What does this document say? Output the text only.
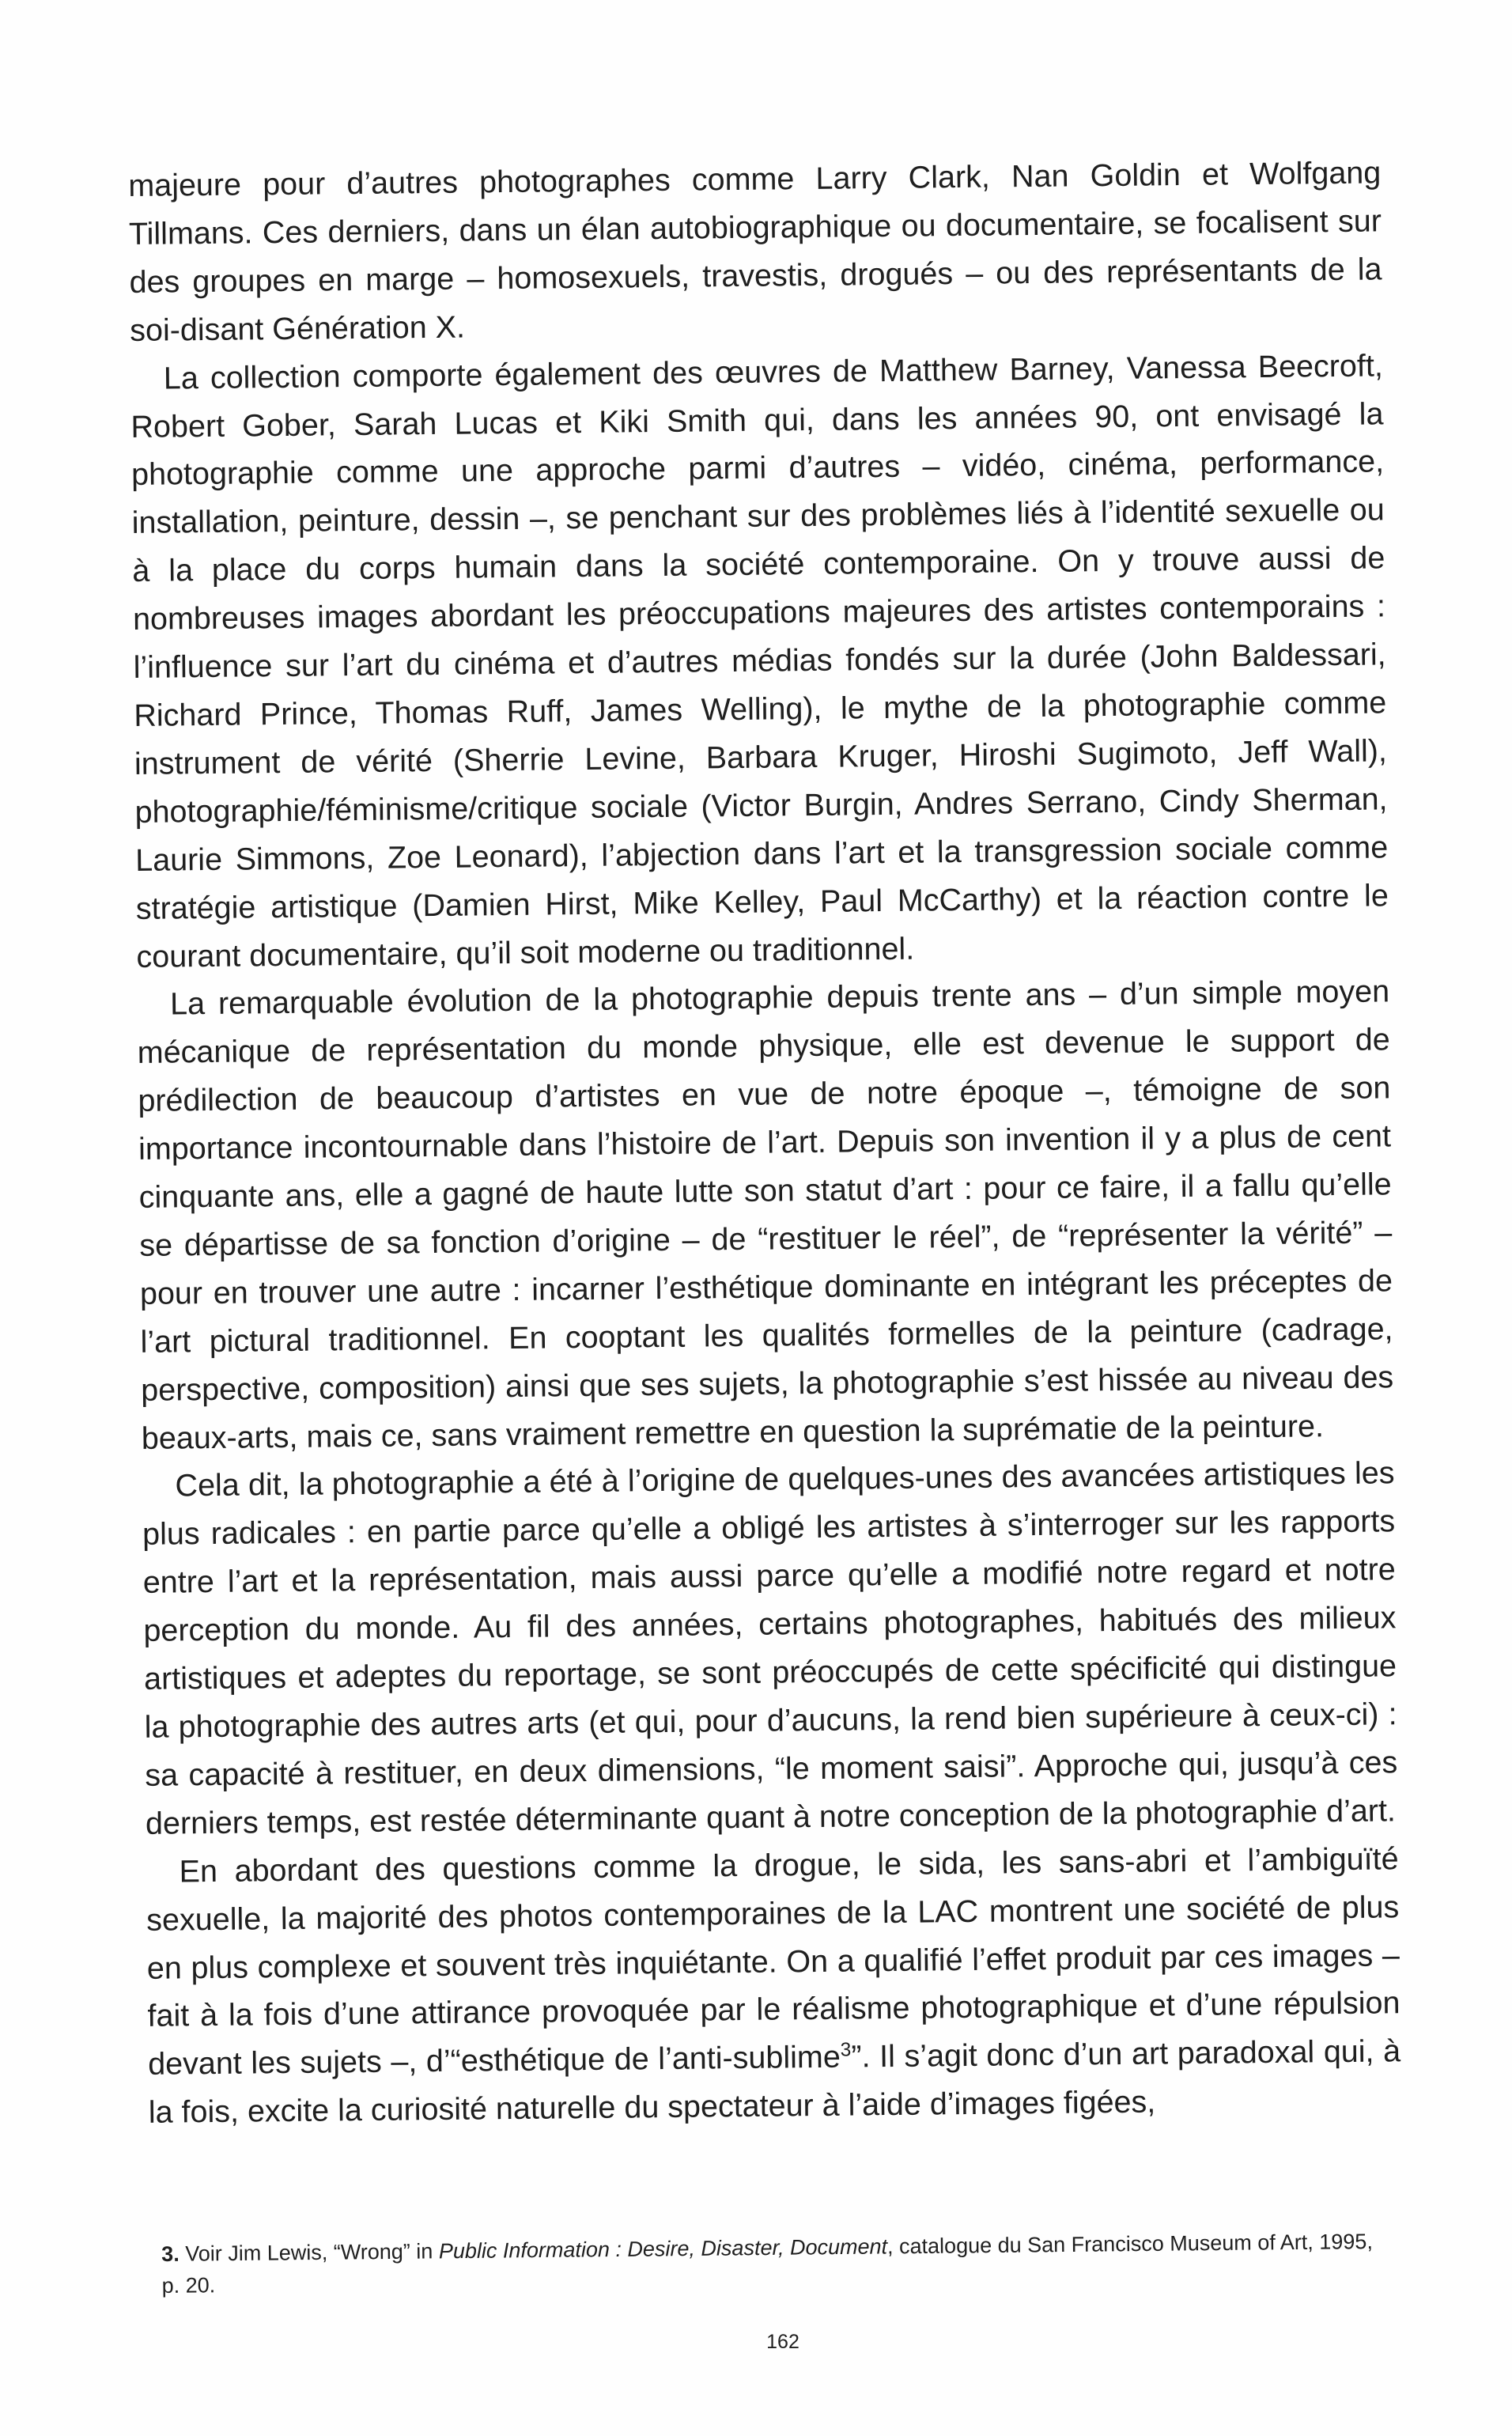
majeure pour d’autres photographes comme Larry Clark, Nan Goldin et Wolfgang Tillmans. Ces derniers, dans un élan autobiographique ou documentaire, se focalisent sur des groupes en marge – homosexuels, travestis, drogués – ou des représentants de la soi-disant Génération X.

La collection comporte également des œuvres de Matthew Barney, Vanessa Beecroft, Robert Gober, Sarah Lucas et Kiki Smith qui, dans les années 90, ont envisagé la photographie comme une approche parmi d’autres – vidéo, cinéma, performance, installation, peinture, dessin –, se penchant sur des problèmes liés à l’identité sexuelle ou à la place du corps humain dans la société contemporaine. On y trouve aussi de nombreuses images abordant les préoccupations majeures des artistes contemporains : l’influence sur l’art du cinéma et d’autres médias fondés sur la durée (John Baldessari, Richard Prince, Thomas Ruff, James Welling), le mythe de la photographie comme instrument de vérité (Sherrie Levine, Barbara Kruger, Hiroshi Sugimoto, Jeff Wall), photographie/féminisme/critique sociale (Victor Burgin, Andres Serrano, Cindy Sherman, Laurie Simmons, Zoe Leonard), l’abjection dans l’art et la transgression sociale comme stratégie artistique (Damien Hirst, Mike Kelley, Paul McCarthy) et la réaction contre le courant documentaire, qu’il soit moderne ou traditionnel.

La remarquable évolution de la photographie depuis trente ans – d’un simple moyen mécanique de représentation du monde physique, elle est devenue le support de prédilection de beaucoup d’artistes en vue de notre époque –, témoigne de son importance incontournable dans l’histoire de l’art. Depuis son invention il y a plus de cent cinquante ans, elle a gagné de haute lutte son statut d’art : pour ce faire, il a fallu qu’elle se départisse de sa fonction d’origine – de “restituer le réel”, de “représenter la vérité” – pour en trouver une autre : incarner l’esthétique dominante en intégrant les préceptes de l’art pictural traditionnel. En cooptant les qualités formelles de la peinture (cadrage, perspective, composition) ainsi que ses sujets, la photographie s’est hissée au niveau des beaux-arts, mais ce, sans vraiment remettre en question la suprématie de la peinture.

Cela dit, la photographie a été à l’origine de quelques-unes des avancées artistiques les plus radicales : en partie parce qu’elle a obligé les artistes à s’interroger sur les rapports entre l’art et la représentation, mais aussi parce qu’elle a modifié notre regard et notre perception du monde. Au fil des années, certains photographes, habitués des milieux artistiques et adeptes du reportage, se sont préoccupés de cette spécificité qui distingue la photographie des autres arts (et qui, pour d’aucuns, la rend bien supérieure à ceux-ci) : sa capacité à restituer, en deux dimensions, “le moment saisi”. Approche qui, jusqu’à ces derniers temps, est restée déterminante quant à notre conception de la photographie d’art.

En abordant des questions comme la drogue, le sida, les sans-abri et l’ambiguïté sexuelle, la majorité des photos contemporaines de la LAC montrent une société de plus en plus complexe et souvent très inquiétante. On a qualifié l’effet produit par ces images – fait à la fois d’une attirance provoquée par le réalisme photographique et d’une répulsion devant les sujets –, d’“esthétique de l’anti-sublime$^3$”. Il s’agit donc d’un art paradoxal qui, à la fois, excite la curiosité naturelle du spectateur à l’aide d’images figées,

3. Voir Jim Lewis, “Wrong” in Public Information : Desire, Disaster, Document, catalogue du San Francisco Museum of Art, 1995, p. 20.
162
